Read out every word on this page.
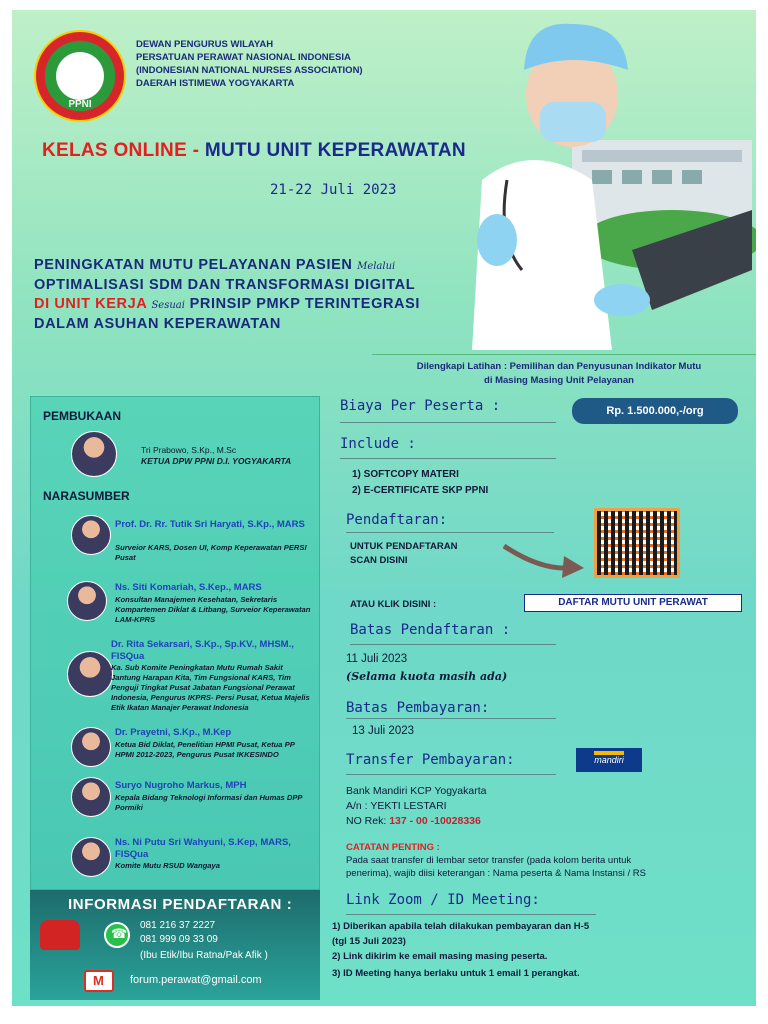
PPNI
DEWAN PENGURUS WILAYAH
PERSATUAN PERAWAT NASIONAL INDONESIA
(INDONESIAN NATIONAL NURSES ASSOCIATION)
DAERAH ISTIMEWA YOGYAKARTA
KELAS ONLINE - MUTU UNIT KEPERAWATAN
21-22 Juli 2023
PENINGKATAN MUTU PELAYANAN PASIEN Melalui
OPTIMALISASI SDM DAN TRANSFORMASI DIGITAL
DI UNIT KERJA Sesuai PRINSIP PMKP TERINTEGRASI
DALAM ASUHAN KEPERAWATAN
Dilengkapi Latihan : Pemilihan dan Penyusunan Indikator Mutu
di Masing Masing Unit Pelayanan
PEMBUKAAN
Tri Prabowo, S.Kp., M.Sc
KETUA DPW PPNI D.I. YOGYAKARTA
NARASUMBER
Prof. Dr. Rr. Tutik Sri Haryati, S.Kp., MARS
Surveior KARS, Dosen UI, Komp Keperawatan PERSI Pusat
Ns. Siti Komariah, S.Kep., MARS
Konsultan Manajemen Kesehatan, Sekretaris Kompartemen Diklat & Litbang, Surveior Keperawatan LAM-KPRS
Dr. Rita Sekarsari, S.Kp., Sp.KV., MHSM., FISQua
Ka. Sub Komite Peningkatan Mutu Rumah Sakit Jantung Harapan Kita, Tim Fungsional KARS, Tim Penguji Tingkat Pusat Jabatan Fungsional Perawat Indonesia, Pengurus IKPRS- Persi Pusat, Ketua Majelis Etik Ikatan Manajer Perawat Indonesia
Dr. Prayetni, S.Kp., M.Kep
Ketua Bid Diklat, Penelitian HPMI Pusat, Ketua PP HPMI 2012-2023, Pengurus Pusat IKKESINDO
Suryo Nugroho Markus, MPH
Kepala Bidang Teknologi Informasi dan Humas DPP Pormiki
Ns. Ni Putu Sri Wahyuni, S.Kep, MARS, FISQua
Komite Mutu RSUD Wangaya
INFORMASI PENDAFTARAN :
☎
081 216 37 2227
081 999 09 33 09
(Ibu Etik/Ibu Ratna/Pak Afik )
M
forum.perawat@gmail.com
Biaya Per Peserta :	Rp. 1.500.000,-/org
Include :
1) SOFTCOPY MATERI
2) E-CERTIFICATE SKP PPNI
Pendaftaran:
UNTUK PENDAFTARAN
SCAN DISINI
ATAU KLIK DISINI :	DAFTAR MUTU UNIT PERAWAT
Batas Pendaftaran :
11 Juli 2023
(Selama kuota masih ada)
Batas Pembayaran:
13 Juli 2023
Transfer Pembayaran:	mandiri
Bank Mandiri KCP Yogyakarta
A/n : YEKTI LESTARI
NO Rek: 137 - 00 -10028336
CATATAN PENTING :
Pada saat transfer di lembar setor transfer (pada kolom berita untuk
penerima), wajib diisi keterangan : Nama peserta & Nama Instansi / RS
Link Zoom / ID Meeting:
1) Diberikan apabila telah dilakukan pembayaran dan H-5
(tgl 15 Juli 2023)
2) Link dikirim ke email masing masing peserta.
3) ID Meeting hanya berlaku untuk 1 email 1 perangkat.
